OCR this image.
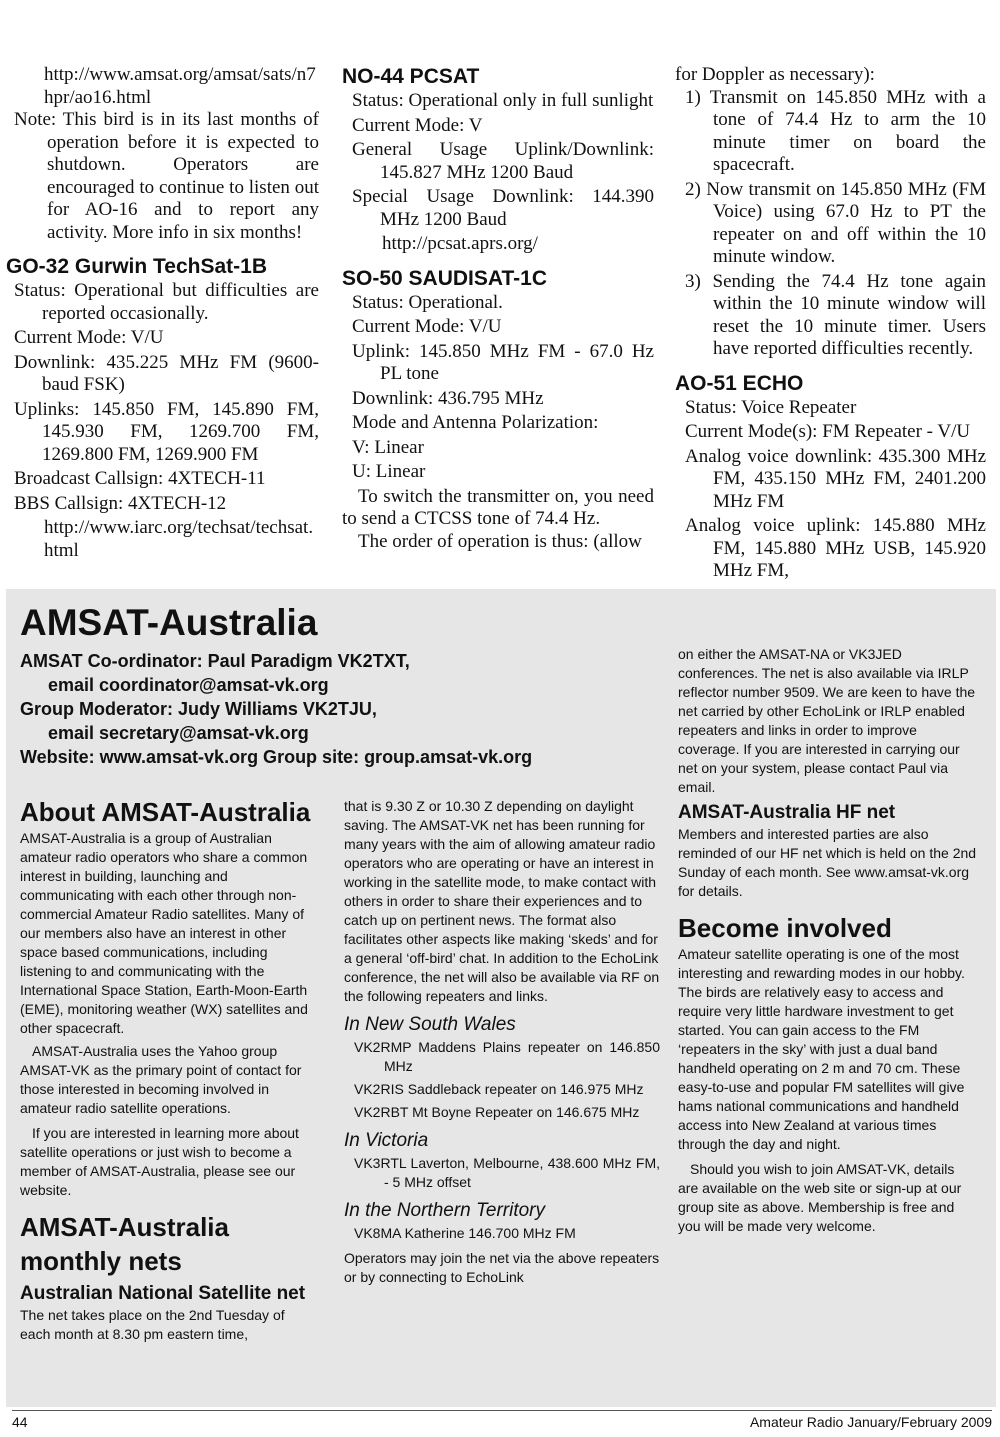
http://www.amsat.org/amsat/sats/n7hpr/ao16.html

Note: This bird is in its last months of operation before it is expected to shutdown. Operators are encouraged to continue to listen out for AO-16 and to report any activity. More info in six months!

GO-32 Gurwin TechSat-1B

Status: Operational but difficulties are reported occasionally.

Current Mode: V/U

Downlink: 435.225 MHz FM (9600-baud FSK)

Uplinks: 145.850 FM, 145.890 FM, 145.930 FM, 1269.700 FM, 1269.800 FM, 1269.900 FM

Broadcast Callsign: 4XTECH-11

BBS Callsign: 4XTECH-12

http://www.iarc.org/techsat/techsat.html

NO-44 PCSAT

Status: Operational only in full sunlight

Current Mode: V

General Usage Uplink/Downlink: 145.827 MHz 1200 Baud

Special Usage Downlink: 144.390 MHz 1200 Baud

http://pcsat.aprs.org/

SO-50 SAUDISAT-1C

Status: Operational.

Current Mode: V/U

Uplink: 145.850 MHz FM - 67.0 Hz PL tone

Downlink: 436.795 MHz

Mode and Antenna Polarization:

V: Linear

U: Linear

To switch the transmitter on, you need to send a CTCSS tone of 74.4 Hz.

The order of operation is thus: (allow

for Doppler as necessary):

1) Transmit on 145.850 MHz with a tone of 74.4 Hz to arm the 10 minute timer on board the spacecraft.

2) Now transmit on 145.850 MHz (FM Voice) using 67.0 Hz to PT the repeater on and off within the 10 minute window.

3) Sending the 74.4 Hz tone again within the 10 minute window will reset the 10 minute timer. Users have reported difficulties recently.

AO-51 ECHO

Status: Voice Repeater

Current Mode(s): FM Repeater - V/U

Analog voice downlink: 435.300 MHz FM, 435.150 MHz FM, 2401.200 MHz FM

Analog voice uplink: 145.880 MHz FM, 145.880 MHz USB, 145.920 MHz FM,

AMSAT-Australia
AMSAT Co-ordinator: Paul Paradigm VK2TXT,
email coordinator@amsat-vk.org
Group Moderator: Judy Williams VK2TJU,
email secretary@amsat-vk.org
Website: www.amsat-vk.org Group site: group.amsat-vk.org

About AMSAT-Australia

AMSAT-Australia is a group of Australian amateur radio operators who share a common interest in building, launching and communicating with each other through non-commercial Amateur Radio satellites. Many of our members also have an interest in other space based communications, including listening to and communicating with the International Space Station, Earth-Moon-Earth (EME), monitoring weather (WX) satellites and other spacecraft.

AMSAT-Australia uses the Yahoo group AMSAT-VK as the primary point of contact for those interested in becoming involved in amateur radio satellite operations.

If you are interested in learning more about satellite operations or just wish to become a member of AMSAT-Australia, please see our website.

AMSAT-Australia

monthly nets

Australian National Satellite net

The net takes place on the 2nd Tuesday of each month at 8.30 pm eastern time,

that is 9.30 Z or 10.30 Z depending on daylight saving. The AMSAT-VK net has been running for many years with the aim of allowing amateur radio operators who are operating or have an interest in working in the satellite mode, to make contact with others in order to share their experiences and to catch up on pertinent news. The format also facilitates other aspects like making ‘skeds’ and for a general ‘off-bird’ chat. In addition to the EchoLink conference, the net will also be available via RF on the following repeaters and links.

In New South Wales

VK2RMP Maddens Plains repeater on 146.850 MHz

VK2RIS Saddleback repeater on 146.975 MHz

VK2RBT Mt Boyne Repeater on 146.675 MHz

In Victoria

VK3RTL Laverton, Melbourne, 438.600 MHz FM, - 5 MHz offset

In the Northern Territory

VK8MA Katherine 146.700 MHz FM

Operators may join the net via the above repeaters or by connecting to EchoLink

on either the AMSAT-NA or VK3JED conferences. The net is also available via IRLP reflector number 9509. We are keen to have the net carried by other EchoLink or IRLP enabled repeaters and links in order to improve coverage. If you are interested in carrying our net on your system, please contact Paul via email.

AMSAT-Australia HF net

Members and interested parties are also reminded of our HF net which is held on the 2nd Sunday of each month. See www.amsat-vk.org for details.

Become involved

Amateur satellite operating is one of the most interesting and rewarding modes in our hobby. The birds are relatively easy to access and require very little hardware investment to get started. You can gain access to the FM ‘repeaters in the sky’ with just a dual band handheld operating on 2 m and 70 cm. These easy-to-use and popular FM satellites will give hams national communications and handheld access into New Zealand at various times through the day and night.

Should you wish to join AMSAT-VK, details are available on the web site or sign-up at our group site as above. Membership is free and you will be made very welcome.

44	Amateur Radio January/February 2009
